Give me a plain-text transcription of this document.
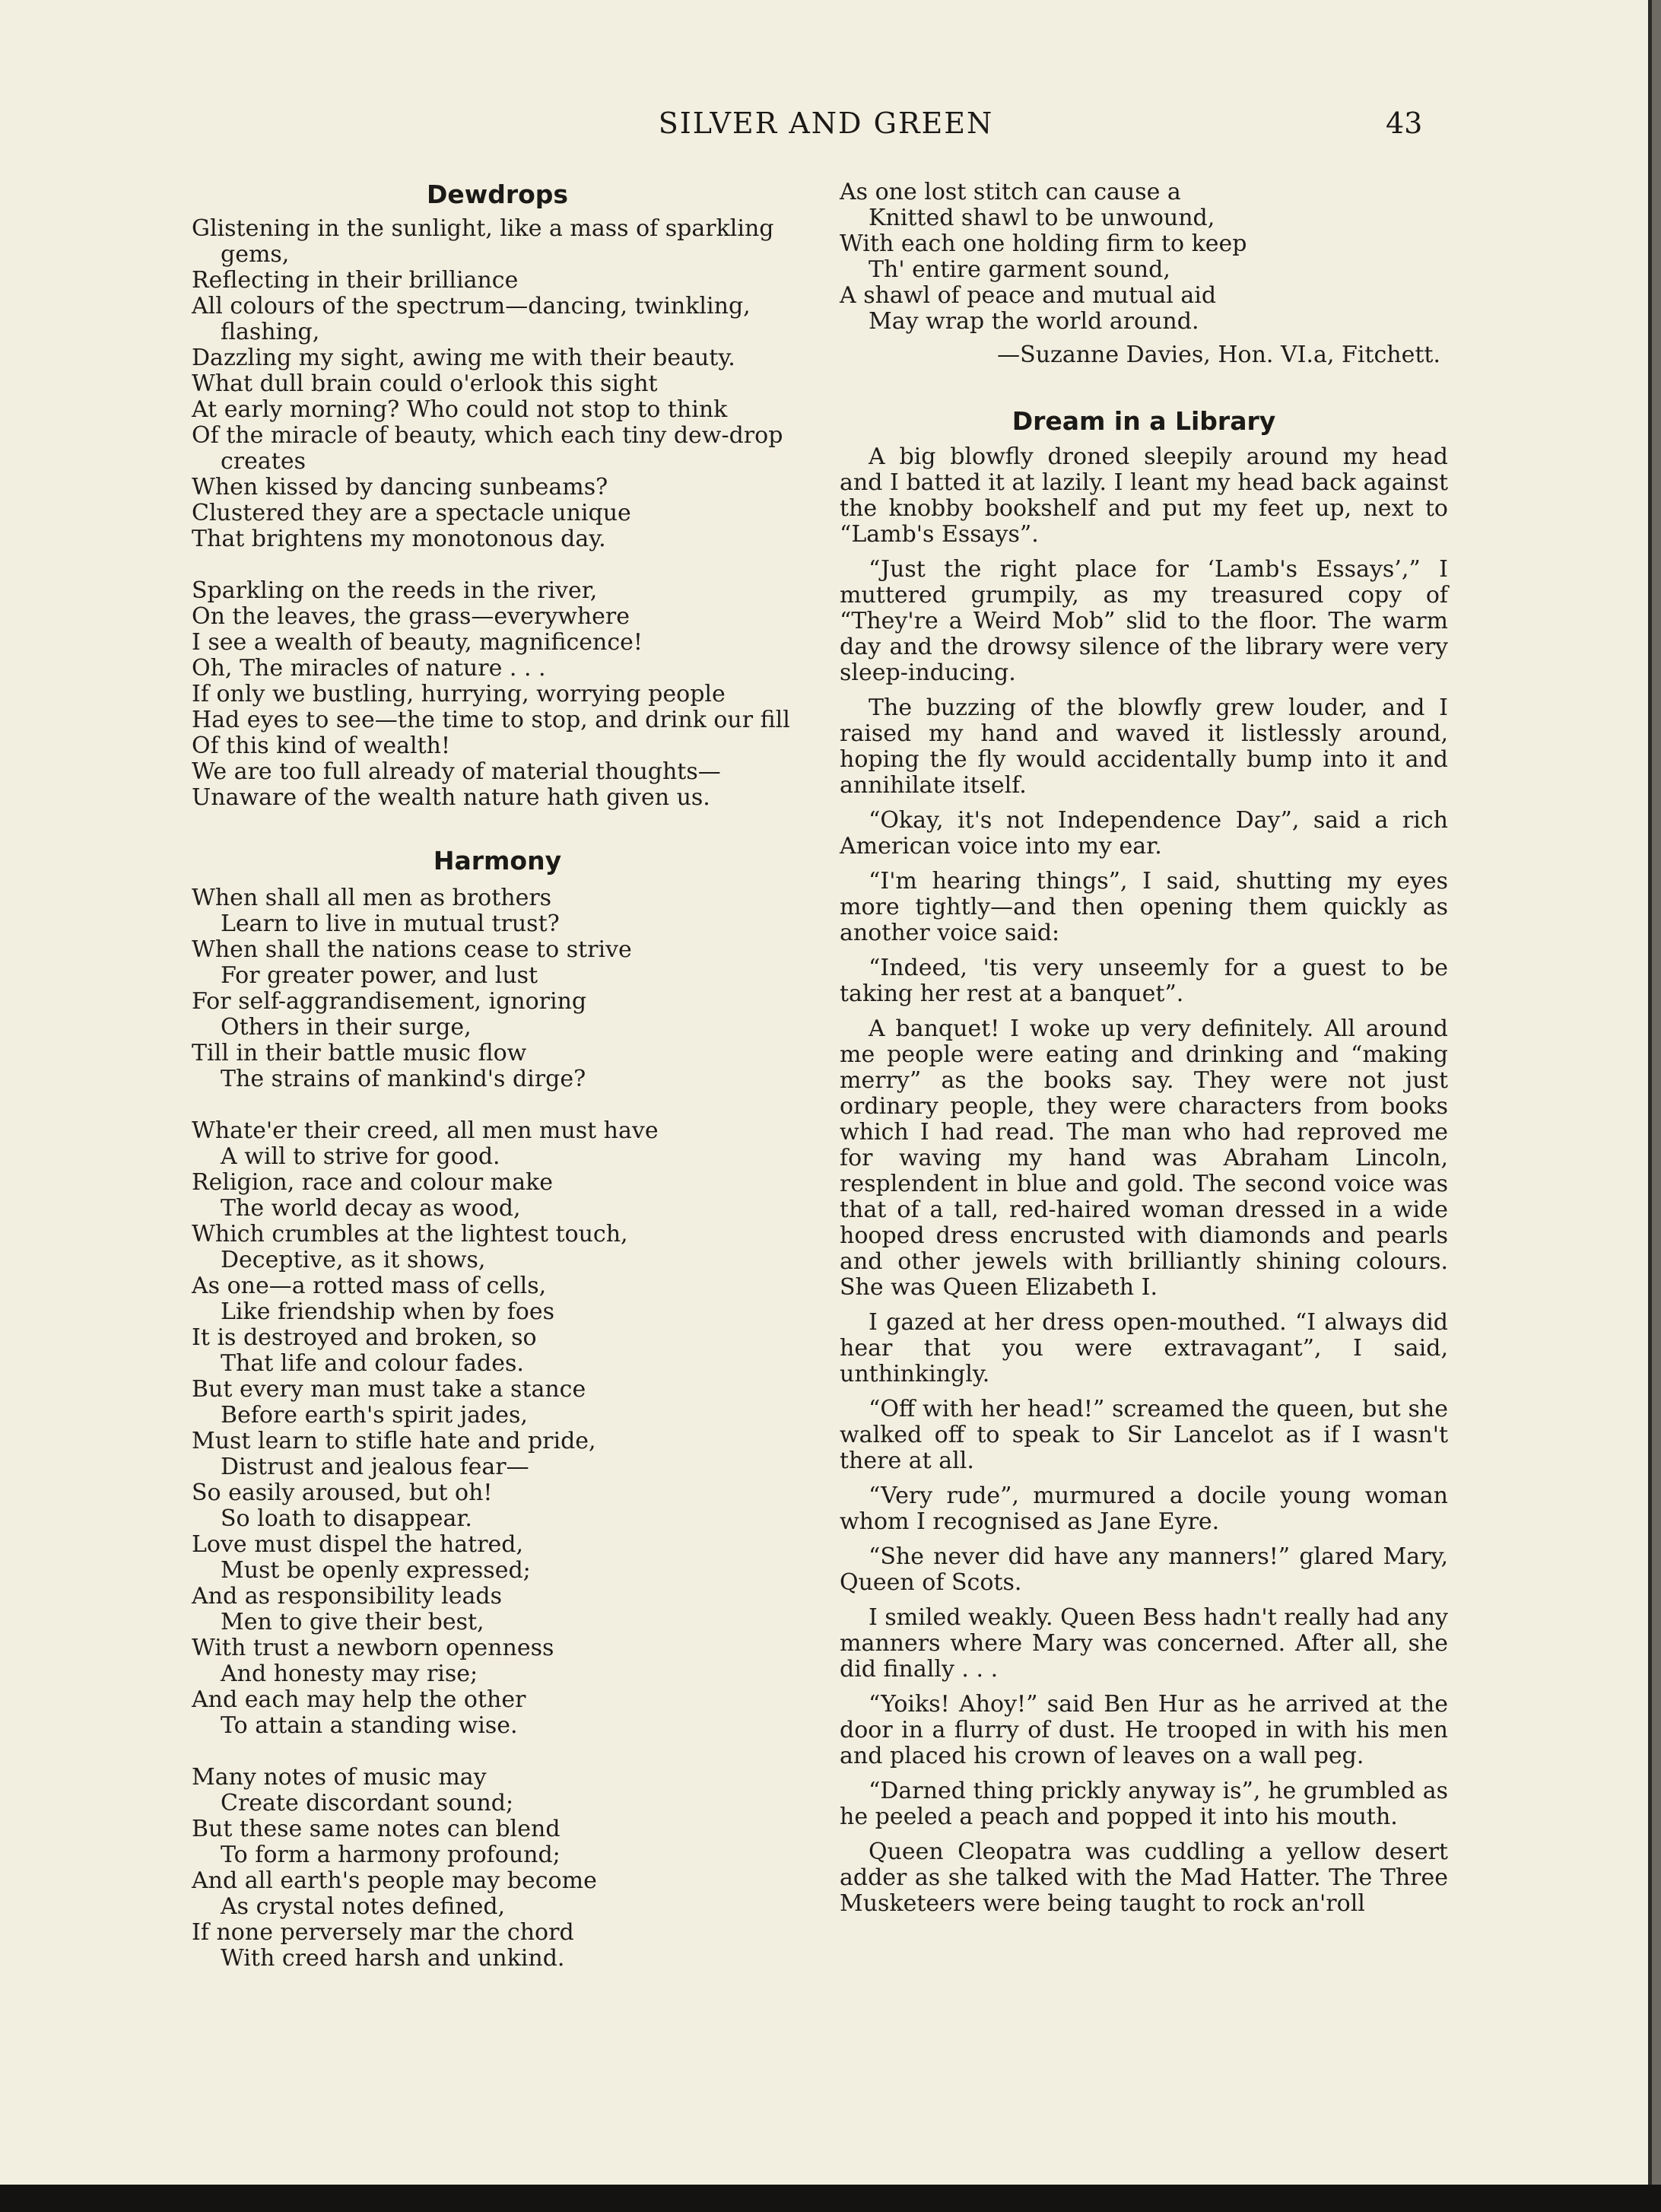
SILVER AND GREEN	43
Dewdrops
Glistening in the sunlight, like a mass of sparkling gems,
Reflecting in their brilliance
All colours of the spectrum—dancing, twinkling, flashing,
Dazzling my sight, awing me with their beauty.
What dull brain could o'erlook this sight
At early morning? Who could not stop to think
Of the miracle of beauty, which each tiny dew-drop creates
When kissed by dancing sunbeams?
Clustered they are a spectacle unique
That brightens my monotonous day.
Sparkling on the reeds in the river,
On the leaves, the grass—everywhere
I see a wealth of beauty, magnificence!
Oh, The miracles of nature . . .
If only we bustling, hurrying, worrying people
Had eyes to see—the time to stop, and drink our fill
Of this kind of wealth!
We are too full already of material thoughts—
Unaware of the wealth nature hath given us.
Harmony
When shall all men as brothers
Learn to live in mutual trust?
When shall the nations cease to strive
For greater power, and lust
For self-aggrandisement, ignoring
Others in their surge,
Till in their battle music flow
The strains of mankind's dirge?
Whate'er their creed, all men must have
A will to strive for good.
Religion, race and colour make
The world decay as wood,
Which crumbles at the lightest touch,
Deceptive, as it shows,
As one—a rotted mass of cells,
Like friendship when by foes
It is destroyed and broken, so
That life and colour fades.
But every man must take a stance
Before earth's spirit jades,
Must learn to stifle hate and pride,
Distrust and jealous fear—
So easily aroused, but oh!
So loath to disappear.
Love must dispel the hatred,
Must be openly expressed;
And as responsibility leads
Men to give their best,
With trust a newborn openness
And honesty may rise;
And each may help the other
To attain a standing wise.
Many notes of music may
Create discordant sound;
But these same notes can blend
To form a harmony profound;
And all earth's people may become
As crystal notes defined,
If none perversely mar the chord
With creed harsh and unkind.
As one lost stitch can cause a
Knitted shawl to be unwound,
With each one holding firm to keep
Th' entire garment sound,
A shawl of peace and mutual aid
May wrap the world around.
—Suzanne Davies, Hon. VI.a, Fitchett.
Dream in a Library

A big blowfly droned sleepily around my head and I batted it at lazily. I leant my head back against the knobby bookshelf and put my feet up, next to “Lamb's Essays”.

“Just the right place for ‘Lamb's Essays’,” I muttered grumpily, as my treasured copy of “They're a Weird Mob” slid to the floor. The warm day and the drowsy silence of the library were very sleep-inducing.

The buzzing of the blowfly grew louder, and I raised my hand and waved it listlessly around, hoping the fly would accidentally bump into it and annihilate itself.

“Okay, it's not Independence Day”, said a rich American voice into my ear.

“I'm hearing things”, I said, shutting my eyes more tightly—and then opening them quickly as another voice said:

“Indeed, 'tis very unseemly for a guest to be taking her rest at a banquet”.

A banquet! I woke up very definitely. All around me people were eating and drinking and “making merry” as the books say. They were not just ordinary people, they were characters from books which I had read. The man who had reproved me for waving my hand was Abraham Lincoln, resplendent in blue and gold. The second voice was that of a tall, red-haired woman dressed in a wide hooped dress encrusted with diamonds and pearls and other jewels with brilliantly shining colours. She was Queen Elizabeth I.

I gazed at her dress open-mouthed. “I always did hear that you were extravagant”, I said, unthinkingly.

“Off with her head!” screamed the queen, but she walked off to speak to Sir Lancelot as if I wasn't there at all.

“Very rude”, murmured a docile young woman whom I recognised as Jane Eyre.

“She never did have any manners!” glared Mary, Queen of Scots.

I smiled weakly. Queen Bess hadn't really had any manners where Mary was concerned. After all, she did finally . . .

“Yoiks! Ahoy!” said Ben Hur as he arrived at the door in a flurry of dust. He trooped in with his men and placed his crown of leaves on a wall peg.

“Darned thing prickly anyway is”, he grumbled as he peeled a peach and popped it into his mouth.

Queen Cleopatra was cuddling a yellow desert adder as she talked with the Mad Hatter. The Three Musketeers were being taught to rock an'roll
